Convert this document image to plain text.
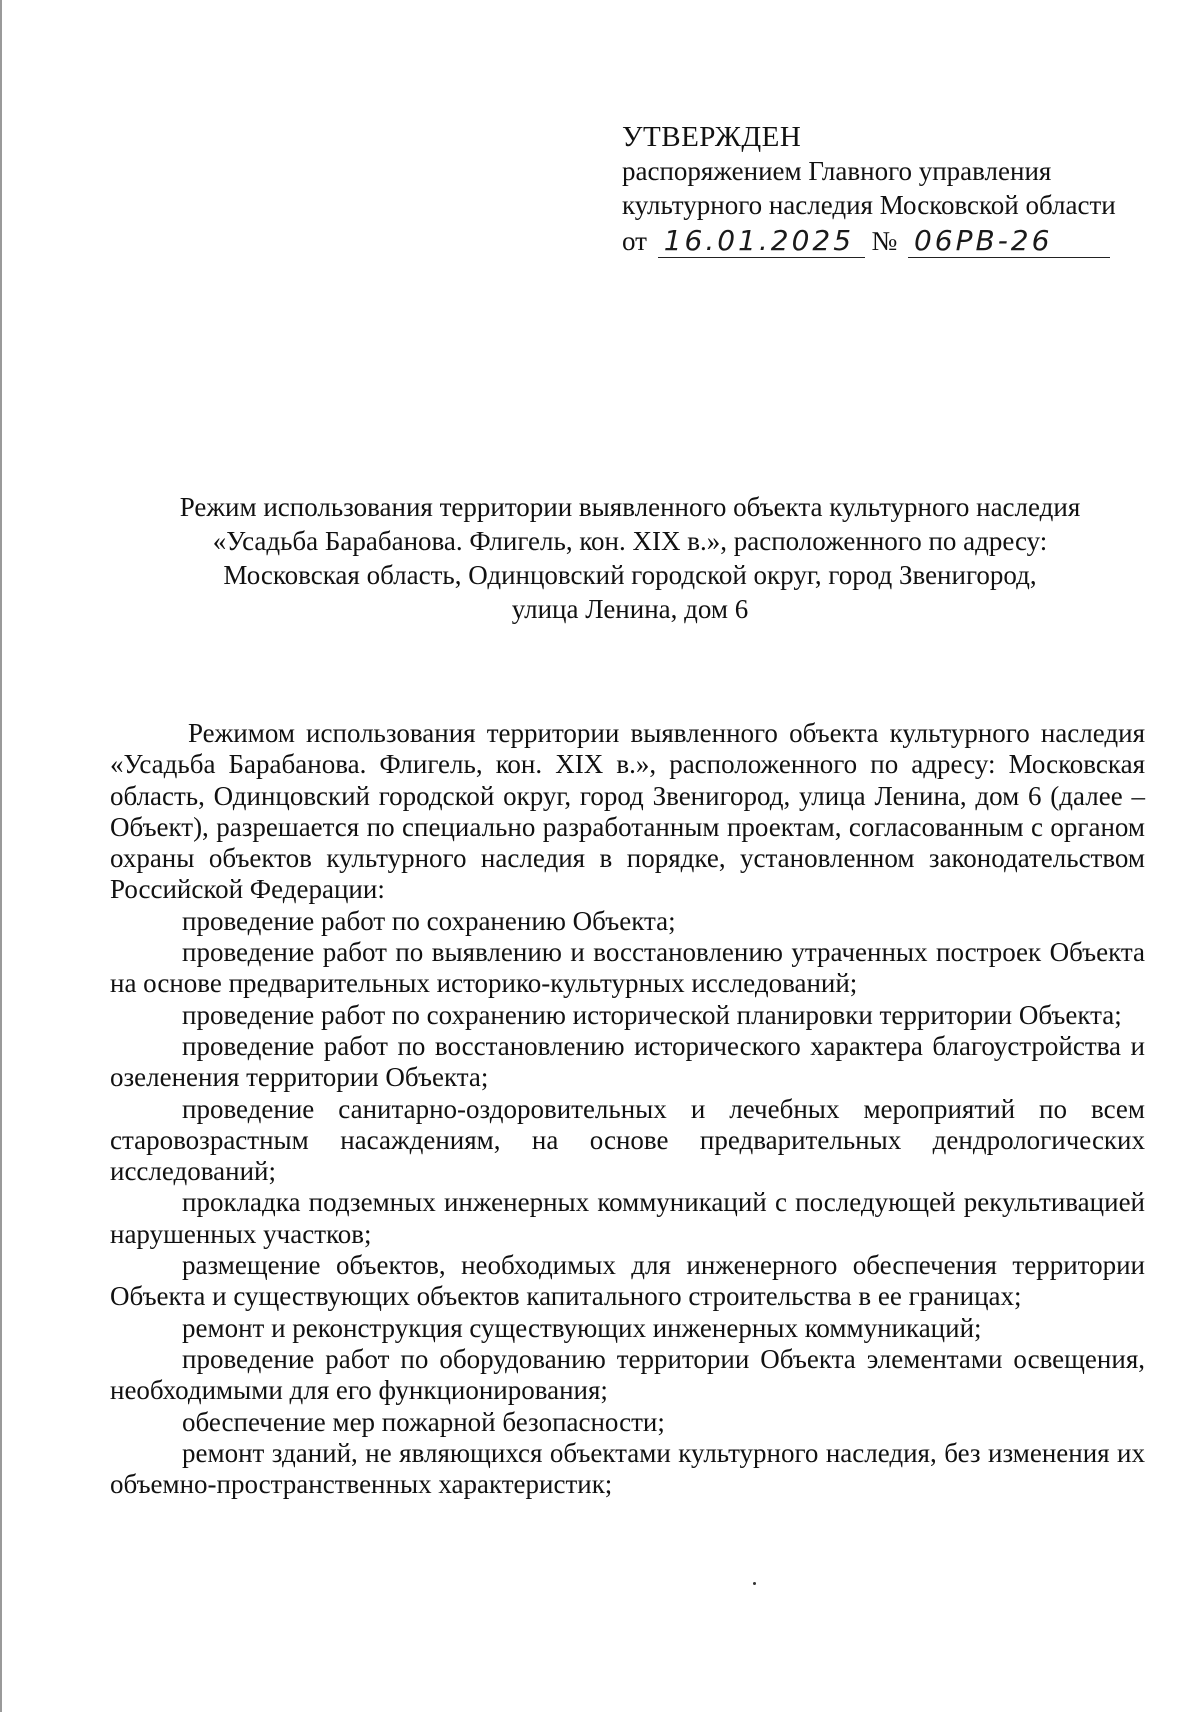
УТВЕРЖДЕН
распоряжением Главного управления
культурного наследия Московской области
от 16.01.2025 № 06РВ-26
Режим использования территории выявленного объекта культурного наследия
«Усадьба Барабанова. Флигель, кон. XIX в.», расположенного по адресу:
Московская область, Одинцовский городской округ, город Звенигород,
улица Ленина, дом 6

Режимом использования территории выявленного объекта культурного наследия «Усадьба Барабанова. Флигель, кон. XIX в.», расположенного по адресу: Московская область, Одинцовский городской округ, город Звенигород, улица Ленина, дом 6 (далее – Объект), разрешается по специально разработанным проектам, согласованным с органом охраны объектов культурного наследия в порядке, установленном законодательством Российской Федерации:

проведение работ по сохранению Объекта;

проведение работ по выявлению и восстановлению утраченных построек Объекта на основе предварительных историко-культурных исследований;

проведение работ по сохранению исторической планировки территории Объекта;

проведение работ по восстановлению исторического характера благоустройства и озеленения территории Объекта;

проведение санитарно-оздоровительных и лечебных мероприятий по всем старовозрастным насаждениям, на основе предварительных дендрологических исследований;

прокладка подземных инженерных коммуникаций с последующей рекультивацией нарушенных участков;

размещение объектов, необходимых для инженерного обеспечения территории Объекта и существующих объектов капитального строительства в ее границах;

ремонт и реконструкция существующих инженерных коммуникаций;

проведение работ по оборудованию территории Объекта элементами освещения, необходимыми для его функционирования;

обеспечение мер пожарной безопасности;

ремонт зданий, не являющихся объектами культурного наследия, без изменения их объемно-пространственных характеристик;
